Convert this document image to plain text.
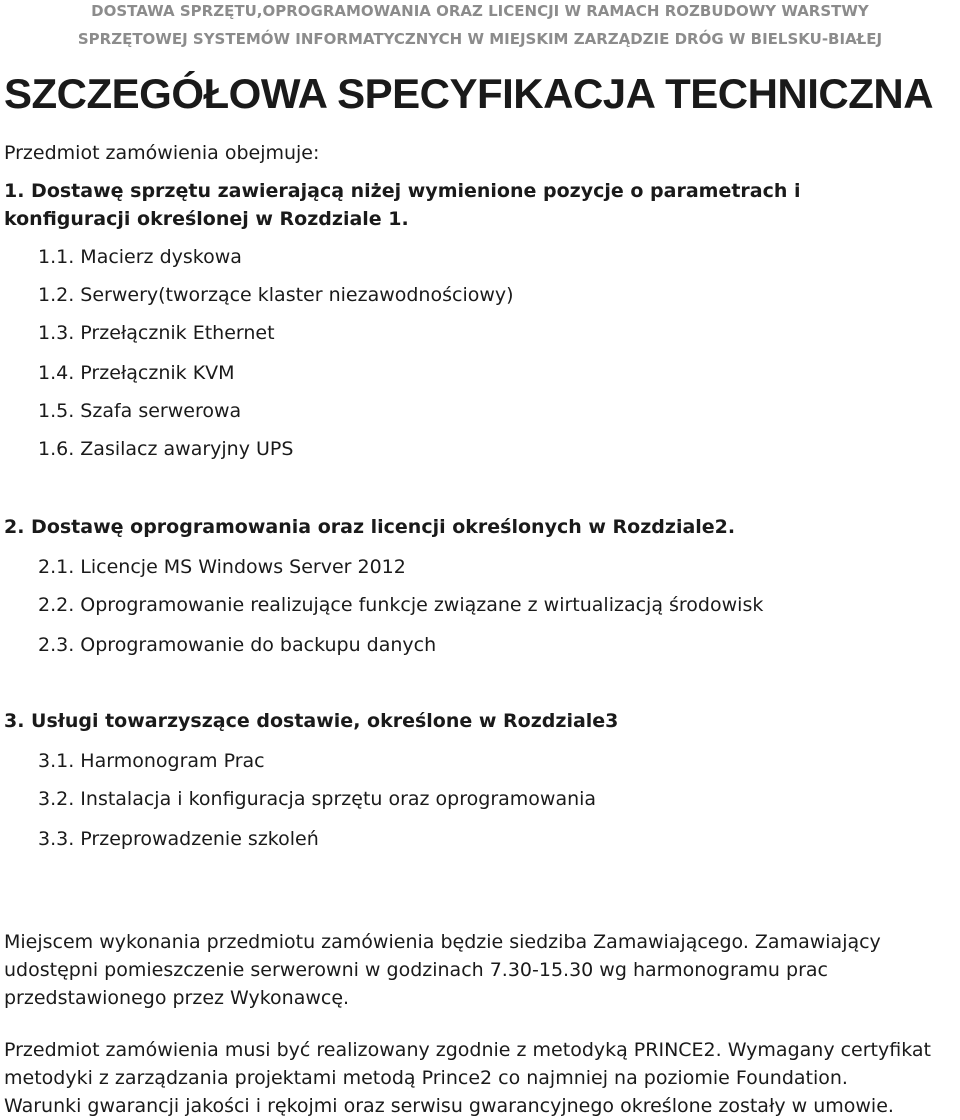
DOSTAWA SPRZĘTU,OPROGRAMOWANIA ORAZ LICENCJI W RAMACH ROZBUDOWY WARSTWY
SPRZĘTOWEJ SYSTEMÓW INFORMATYCZNYCH W MIEJSKIM ZARZĄDZIE DRÓG W BIELSKU-BIAŁEJ
SZCZEGÓŁOWA SPECYFIKACJA TECHNICZNA
Przedmiot zamówienia obejmuje:
1. Dostawę sprzętu zawierającą niżej wymienione pozycje o parametrach i
konfiguracji określonej w Rozdziale 1.
1.1. Macierz dyskowa
1.2. Serwery(tworzące klaster niezawodnościowy)
1.3. Przełącznik Ethernet
1.4. Przełącznik KVM
1.5. Szafa serwerowa
1.6. Zasilacz awaryjny UPS
2. Dostawę oprogramowania oraz licencji określonych w Rozdziale2.
2.1. Licencje MS Windows Server 2012
2.2. Oprogramowanie realizujące funkcje związane z wirtualizacją środowisk
2.3. Oprogramowanie do backupu danych
3. Usługi towarzyszące dostawie, określone w Rozdziale3
3.1. Harmonogram Prac
3.2. Instalacja i konfiguracja sprzętu oraz oprogramowania
3.3. Przeprowadzenie szkoleń
Miejscem wykonania przedmiotu zamówienia będzie siedziba Zamawiającego. Zamawiający
udostępni pomieszczenie serwerowni w godzinach 7.30-15.30 wg harmonogramu prac
przedstawionego przez Wykonawcę.
Przedmiot zamówienia musi być realizowany zgodnie z metodyką PRINCE2. Wymagany certyfikat
metodyki z zarządzania projektami metodą Prince2 co najmniej na poziomie Foundation.
Warunki gwarancji jakości i rękojmi oraz serwisu gwarancyjnego określone zostały w umowie.
